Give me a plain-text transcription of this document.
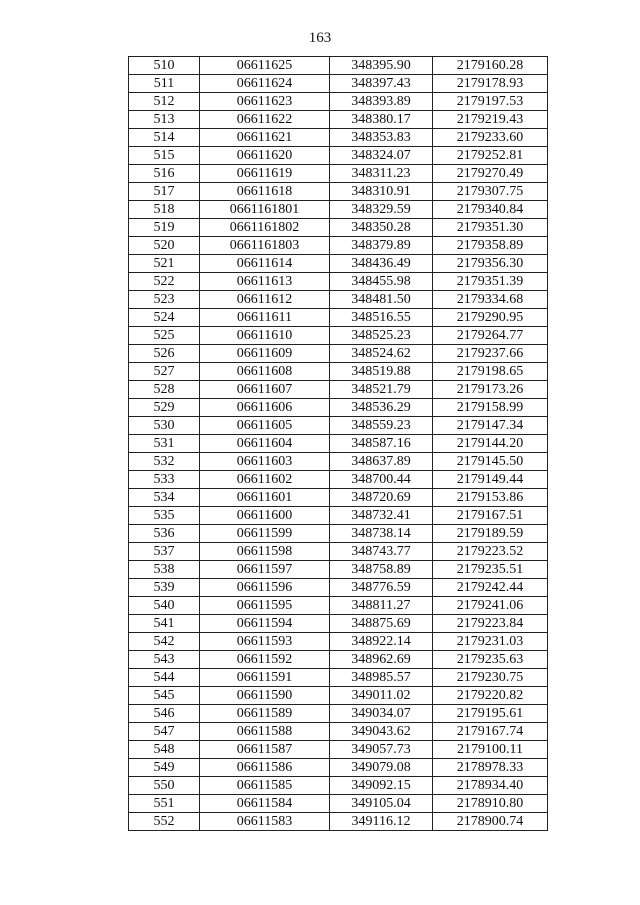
163
510	06611625	348395.90	2179160.28
511	06611624	348397.43	2179178.93
512	06611623	348393.89	2179197.53
513	06611622	348380.17	2179219.43
514	06611621	348353.83	2179233.60
515	06611620	348324.07	2179252.81
516	06611619	348311.23	2179270.49
517	06611618	348310.91	2179307.75
518	0661161801	348329.59	2179340.84
519	0661161802	348350.28	2179351.30
520	0661161803	348379.89	2179358.89
521	06611614	348436.49	2179356.30
522	06611613	348455.98	2179351.39
523	06611612	348481.50	2179334.68
524	06611611	348516.55	2179290.95
525	06611610	348525.23	2179264.77
526	06611609	348524.62	2179237.66
527	06611608	348519.88	2179198.65
528	06611607	348521.79	2179173.26
529	06611606	348536.29	2179158.99
530	06611605	348559.23	2179147.34
531	06611604	348587.16	2179144.20
532	06611603	348637.89	2179145.50
533	06611602	348700.44	2179149.44
534	06611601	348720.69	2179153.86
535	06611600	348732.41	2179167.51
536	06611599	348738.14	2179189.59
537	06611598	348743.77	2179223.52
538	06611597	348758.89	2179235.51
539	06611596	348776.59	2179242.44
540	06611595	348811.27	2179241.06
541	06611594	348875.69	2179223.84
542	06611593	348922.14	2179231.03
543	06611592	348962.69	2179235.63
544	06611591	348985.57	2179230.75
545	06611590	349011.02	2179220.82
546	06611589	349034.07	2179195.61
547	06611588	349043.62	2179167.74
548	06611587	349057.73	2179100.11
549	06611586	349079.08	2178978.33
550	06611585	349092.15	2178934.40
551	06611584	349105.04	2178910.80
552	06611583	349116.12	2178900.74
